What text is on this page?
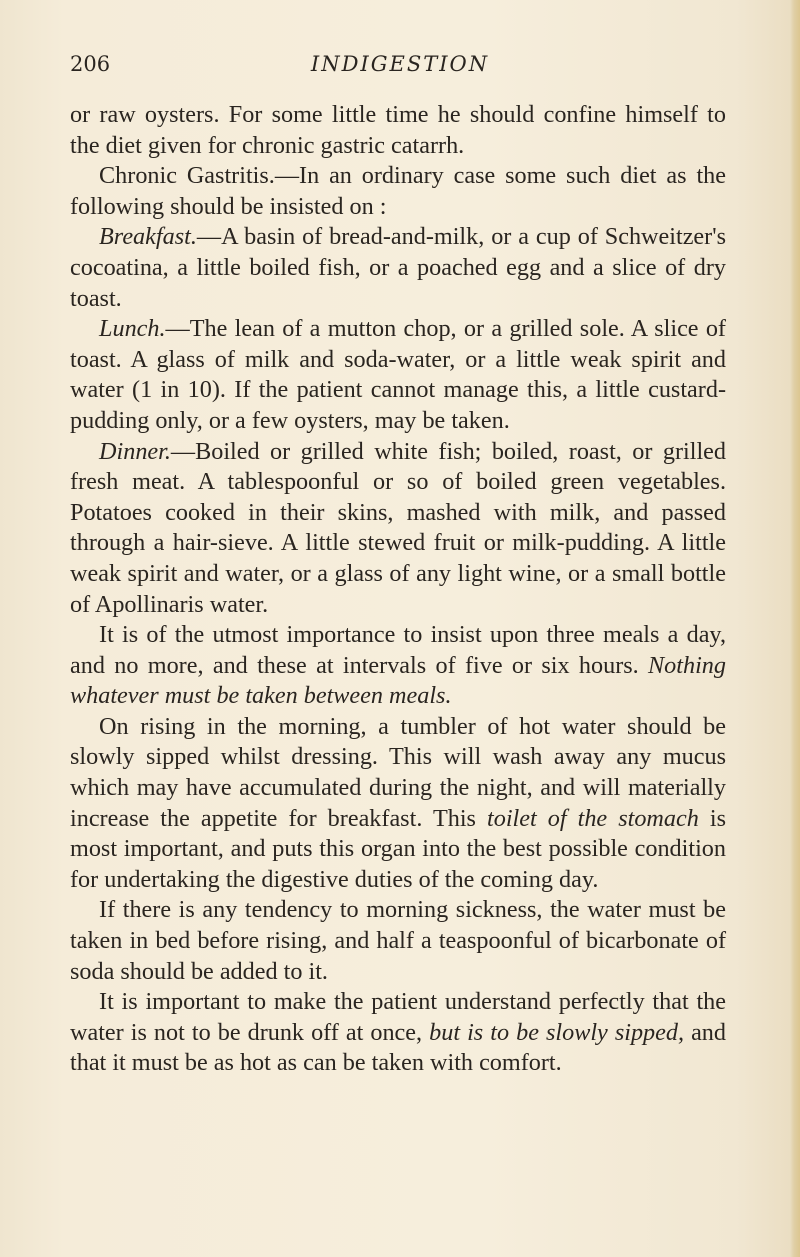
206	INDIGESTION

or raw oysters. For some little time he should confine himself to the diet given for chronic gastric catarrh.

Chronic Gastritis.—In an ordinary case some such diet as the following should be insisted on :

Breakfast.—A basin of bread-and-milk, or a cup of Schweitzer's cocoatina, a little boiled fish, or a poached egg and a slice of dry toast.

Lunch.—The lean of a mutton chop, or a grilled sole. A slice of toast. A glass of milk and soda-water, or a little weak spirit and water (1 in 10). If the patient cannot manage this, a little custard-pudding only, or a few oysters, may be taken.

Dinner.—Boiled or grilled white fish; boiled, roast, or grilled fresh meat. A tablespoonful or so of boiled green vegetables. Potatoes cooked in their skins, mashed with milk, and passed through a hair-sieve. A little stewed fruit or milk-pudding. A little weak spirit and water, or a glass of any light wine, or a small bottle of Apollinaris water.

It is of the utmost importance to insist upon three meals a day, and no more, and these at intervals of five or six hours. Nothing whatever must be taken between meals.

On rising in the morning, a tumbler of hot water should be slowly sipped whilst dressing. This will wash away any mucus which may have accumulated during the night, and will materially increase the appetite for breakfast. This toilet of the stomach is most important, and puts this organ into the best possible condition for undertaking the digestive duties of the coming day.

If there is any tendency to morning sickness, the water must be taken in bed before rising, and half a teaspoonful of bicarbonate of soda should be added to it.

It is important to make the patient understand perfectly that the water is not to be drunk off at once, but is to be slowly sipped, and that it must be as hot as can be taken with comfort.
